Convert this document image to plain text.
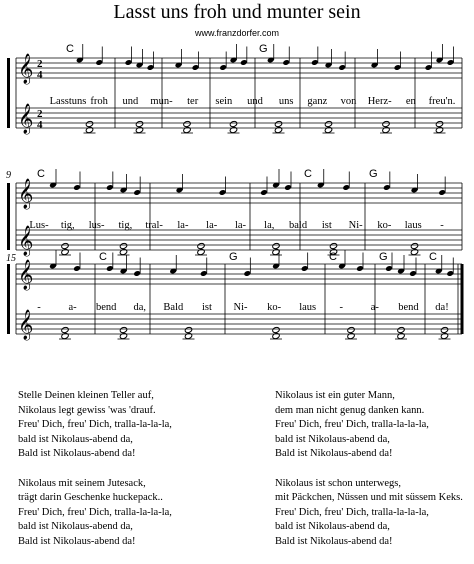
Lasst uns froh und munter sein
www.franzdorfer.com
𝄞
𝄞
2
4
2
4
𝄞
𝄞
𝄞
𝄞
C	G
Lasstuns froh und mun- ter sein und uns ganz von Herz- en freu'n.
C	C	G
9
Lus- tig, lus- tig, tral- la- la- la- la, bald ist Ni- ko- laus -
C	G	C	G	C
15
-	a- bend da, Bald ist Ni- ko- laus -	a- bend da!
Stelle Deinen kleinen Teller auf,
Nikolaus legt gewiss 'was 'drauf.
Freu' Dich, freu' Dich, tralla-la-la-la,
bald ist Nikolaus-abend da,
Bald ist Nikolaus-abend da!
Nikolaus mit seinem Jutesack,
trägt darin Geschenke huckepack..
Freu' Dich, freu' Dich, tralla-la-la-la,
bald ist Nikolaus-abend da,
Bald ist Nikolaus-abend da!
Nikolaus ist ein guter Mann,
dem man nicht genug danken kann.
Freu' Dich, freu' Dich, tralla-la-la-la,
bald ist Nikolaus-abend da,
Bald ist Nikolaus-abend da!
Nikolaus ist schon unterwegs,
mit Päckchen, Nüssen und mit süssem Keks.
Freu' Dich, freu' Dich, tralla-la-la-la,
bald ist Nikolaus-abend da,
Bald ist Nikolaus-abend da!
